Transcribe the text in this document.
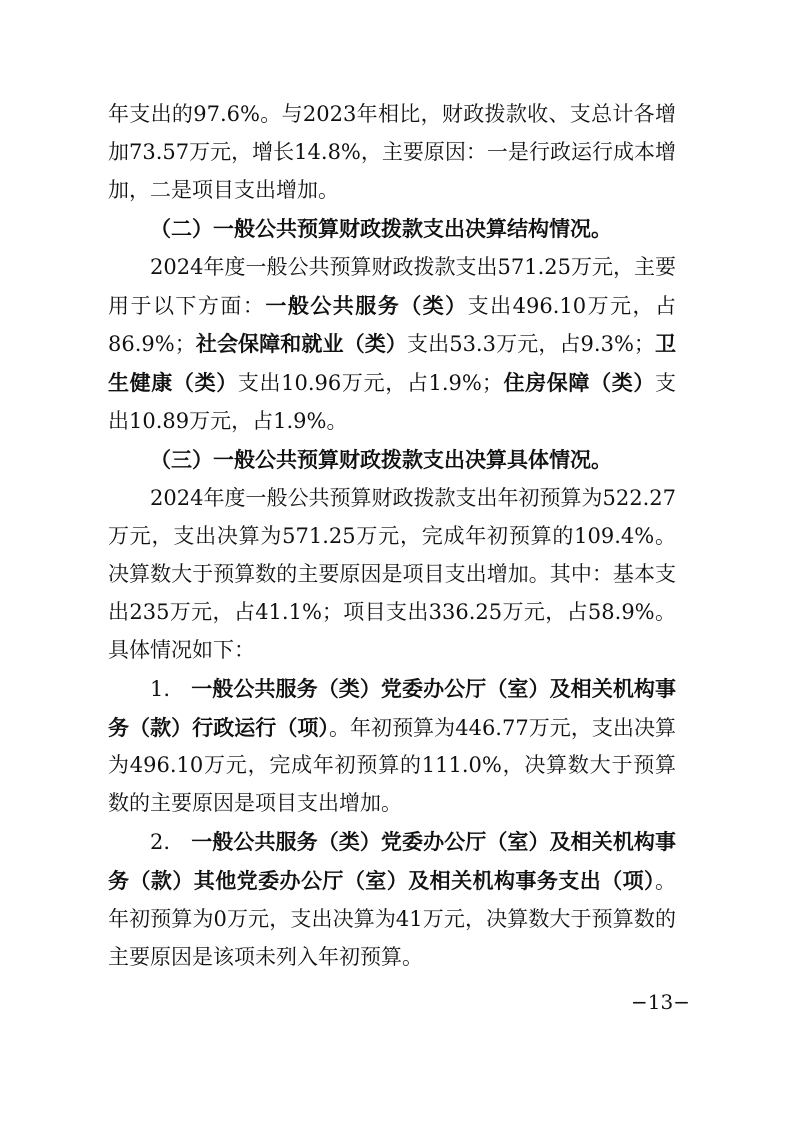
年支出的97.6%。与2023年相比，财政拨款收、支总计各增加73.57万元，增长14.8%，主要原因：一是行政运行成本增加，二是项目支出增加。

（二）一般公共预算财政拨款支出决算结构情况。

2024年度一般公共预算财政拨款支出571.25万元，主要用于以下方面：一般公共服务（类）支出496.10万元，占86.9%；社会保障和就业（类）支出53.3万元，占9.3%；卫生健康（类）支出10.96万元，占1.9%；住房保障（类）支出10.89万元，占1.9%。

（三）一般公共预算财政拨款支出决算具体情况。

2024年度一般公共预算财政拨款支出年初预算为522.27万元，支出决算为571.25万元，完成年初预算的109.4%。决算数大于预算数的主要原因是项目支出增加。其中：基本支出235万元，占41.1%；项目支出336.25万元，占58.9%。具体情况如下：

1.　一般公共服务（类）党委办公厅（室）及相关机构事务（款）行政运行（项）。年初预算为446.77万元，支出决算为496.10万元，完成年初预算的111.0%，决算数大于预算数的主要原因是项目支出增加。

2.　一般公共服务（类）党委办公厅（室）及相关机构事务（款）其他党委办公厅（室）及相关机构事务支出（项）。年初预算为0万元，支出决算为41万元，决算数大于预算数的主要原因是该项未列入年初预算。

−13−
